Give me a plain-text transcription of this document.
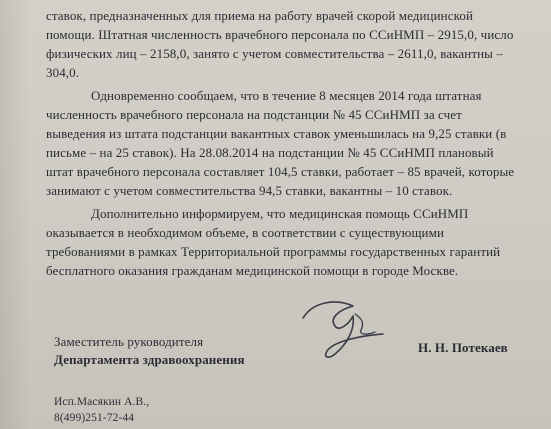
ставок, предназначенных для приема на работу врачей скорой медицинской
помощи. Штатная численность врачебного персонала по ССиНМП – 2915,0, число
физических лиц – 2158,0, занято с учетом совместительства – 2611,0, вакантны –
304,0.
Одновременно сообщаем, что в течение 8 месяцев 2014 года штатная
численность врачебного персонала на подстанции № 45 ССиНМП за счет
выведения из штата подстанции вакантных ставок уменьшилась на 9,25 ставки (в
письме – на 25 ставок). На 28.08.2014 на подстанции № 45 ССиНМП плановый
штат врачебного персонала составляет 104,5 ставки, работает – 85 врачей, которые
занимают с учетом совместительства 94,5 ставки, вакантны – 10 ставок.
Дополнительно информируем, что медицинская помощь ССиНМП
оказывается в необходимом объеме, в соответствии с существующими
требованиями в рамках Территориальной программы государственных гарантий
бесплатного оказания гражданам медицинской помощи в городе Москве.
Заместитель руководителя
Департамента здравоохранения
Н. Н. Потекаев
Исп.Масякин А.В.,
8(499)251-72-44
